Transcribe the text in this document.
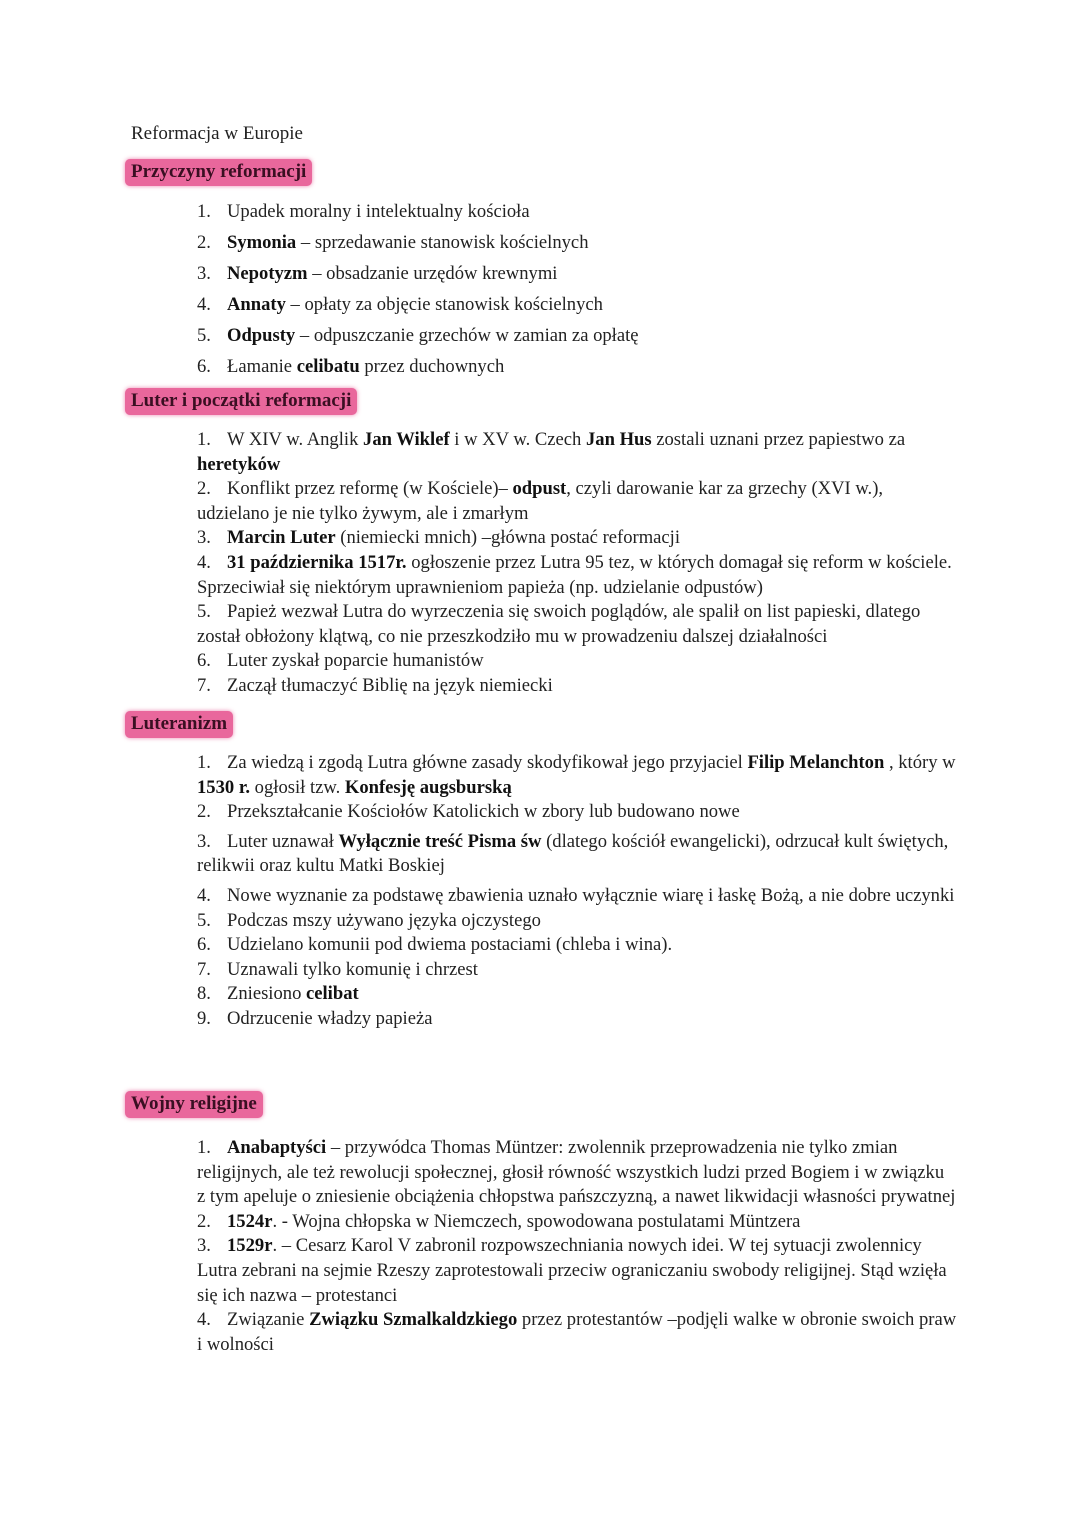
Reformacja w Europie
Przyczyny reformacji
1. Upadek moralny i intelektualny kościoła
2. Symonia – sprzedawanie stanowisk kościelnych
3. Nepotyzm – obsadzanie urzędów krewnymi
4. Annaty – opłaty za objęcie stanowisk kościelnych
5. Odpusty – odpuszczanie grzechów w zamian za opłatę
6. Łamanie celibatu przez duchownych
Luter i początki reformacji
1. W XIV w. Anglik Jan Wiklef i w XV w. Czech Jan Hus zostali uznani przez papiestwo za heretyków
2. Konflikt przez reformę (w Kościele)– odpust, czyli darowanie kar za grzechy (XVI w.), udzielano je nie tylko żywym, ale i zmarłym
3. Marcin Luter (niemiecki mnich) –główna postać reformacji
4. 31 października 1517r. ogłoszenie przez Lutra 95 tez, w których domagał się reform w kościele. Sprzeciwiał się niektórym uprawnieniom papieża (np. udzielanie odpustów)
5. Papież wezwał Lutra do wyrzeczenia się swoich poglądów, ale spalił on list papieski, dlatego został obłożony klątwą, co nie przeszkodziło mu w prowadzeniu dalszej działalności
6. Luter zyskał poparcie humanistów
7. Zaczął tłumaczyć Biblię na język niemiecki
Luteranizm
1. Za wiedzą i zgodą Lutra główne zasady skodyfikował jego przyjaciel Filip Melanchton , który w 1530 r. ogłosił tzw. Konfesję augsburską
2. Przekształcanie Kościołów Katolickich w zbory lub budowano nowe
3. Luter uznawał Wyłącznie treść Pisma św (dlatego kościół ewangelicki), odrzucał kult świętych, relikwii oraz kultu Matki Boskiej
4. Nowe wyznanie za podstawę zbawienia uznało wyłącznie wiarę i łaskę Bożą, a nie dobre uczynki
5. Podczas mszy używano języka ojczystego
6. Udzielano komunii pod dwiema postaciami (chleba i wina).
7. Uznawali tylko komunię i chrzest
8. Zniesiono celibat
9. Odrzucenie władzy papieża
Wojny religijne
1. Anabaptyści – przywódca Thomas Müntzer: zwolennik przeprowadzenia nie tylko zmian religijnych, ale też rewolucji społecznej, głosił równość wszystkich ludzi przed Bogiem i w związku z tym apeluje o zniesienie obciążenia chłopstwa pańszczyzną, a nawet likwidacji własności prywatnej
2. 1524r. - Wojna chłopska w Niemczech, spowodowana postulatami Müntzera
3. 1529r. – Cesarz Karol V zabronil rozpowszechniania nowych idei. W tej sytuacji zwolennicy Lutra zebrani na sejmie Rzeszy zaprotestowali przeciw ograniczaniu swobody religijnej. Stąd wzięła się ich nazwa – protestanci
4. Związanie Związku Szmalkaldzkiego przez protestantów –podjęli walke w obronie swoich praw i wolności
